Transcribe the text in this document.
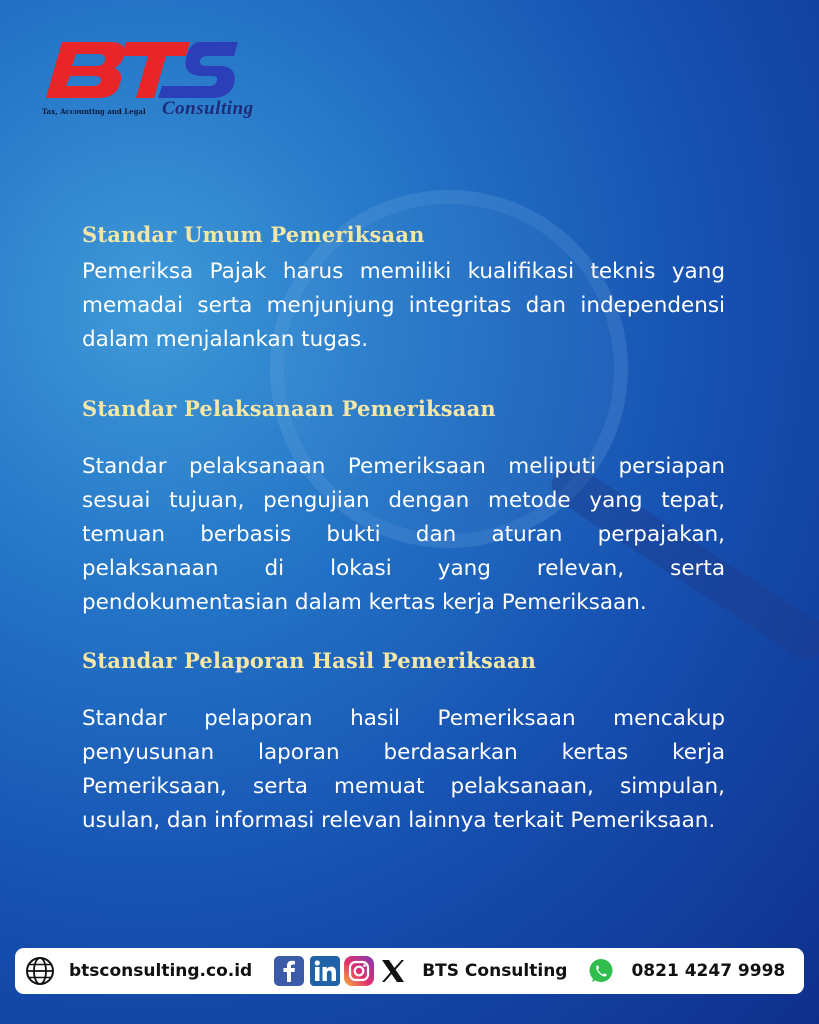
Tax, Accounting and Legal Consulting
Standar Umum Pemeriksaan
Pemeriksa Pajak harus memiliki kualifikasi teknis yang memadai serta menjunjung integritas dan independensi dalam menjalankan tugas.
Standar Pelaksanaan Pemeriksaan
Standar pelaksanaan Pemeriksaan meliputi persiapan sesuai tujuan, pengujian dengan metode yang tepat, temuan berbasis bukti dan aturan perpajakan, pelaksanaan di lokasi yang relevan, serta pendokumentasian dalam kertas kerja Pemeriksaan.
Standar Pelaporan Hasil Pemeriksaan
Standar pelaporan hasil Pemeriksaan mencakup penyusunan laporan berdasarkan kertas kerja Pemeriksaan, serta memuat pelaksanaan, simpulan, usulan, dan informasi relevan lainnya terkait Pemeriksaan.
btsconsulting.co.id	BTS Consulting	0821 4247 9998
